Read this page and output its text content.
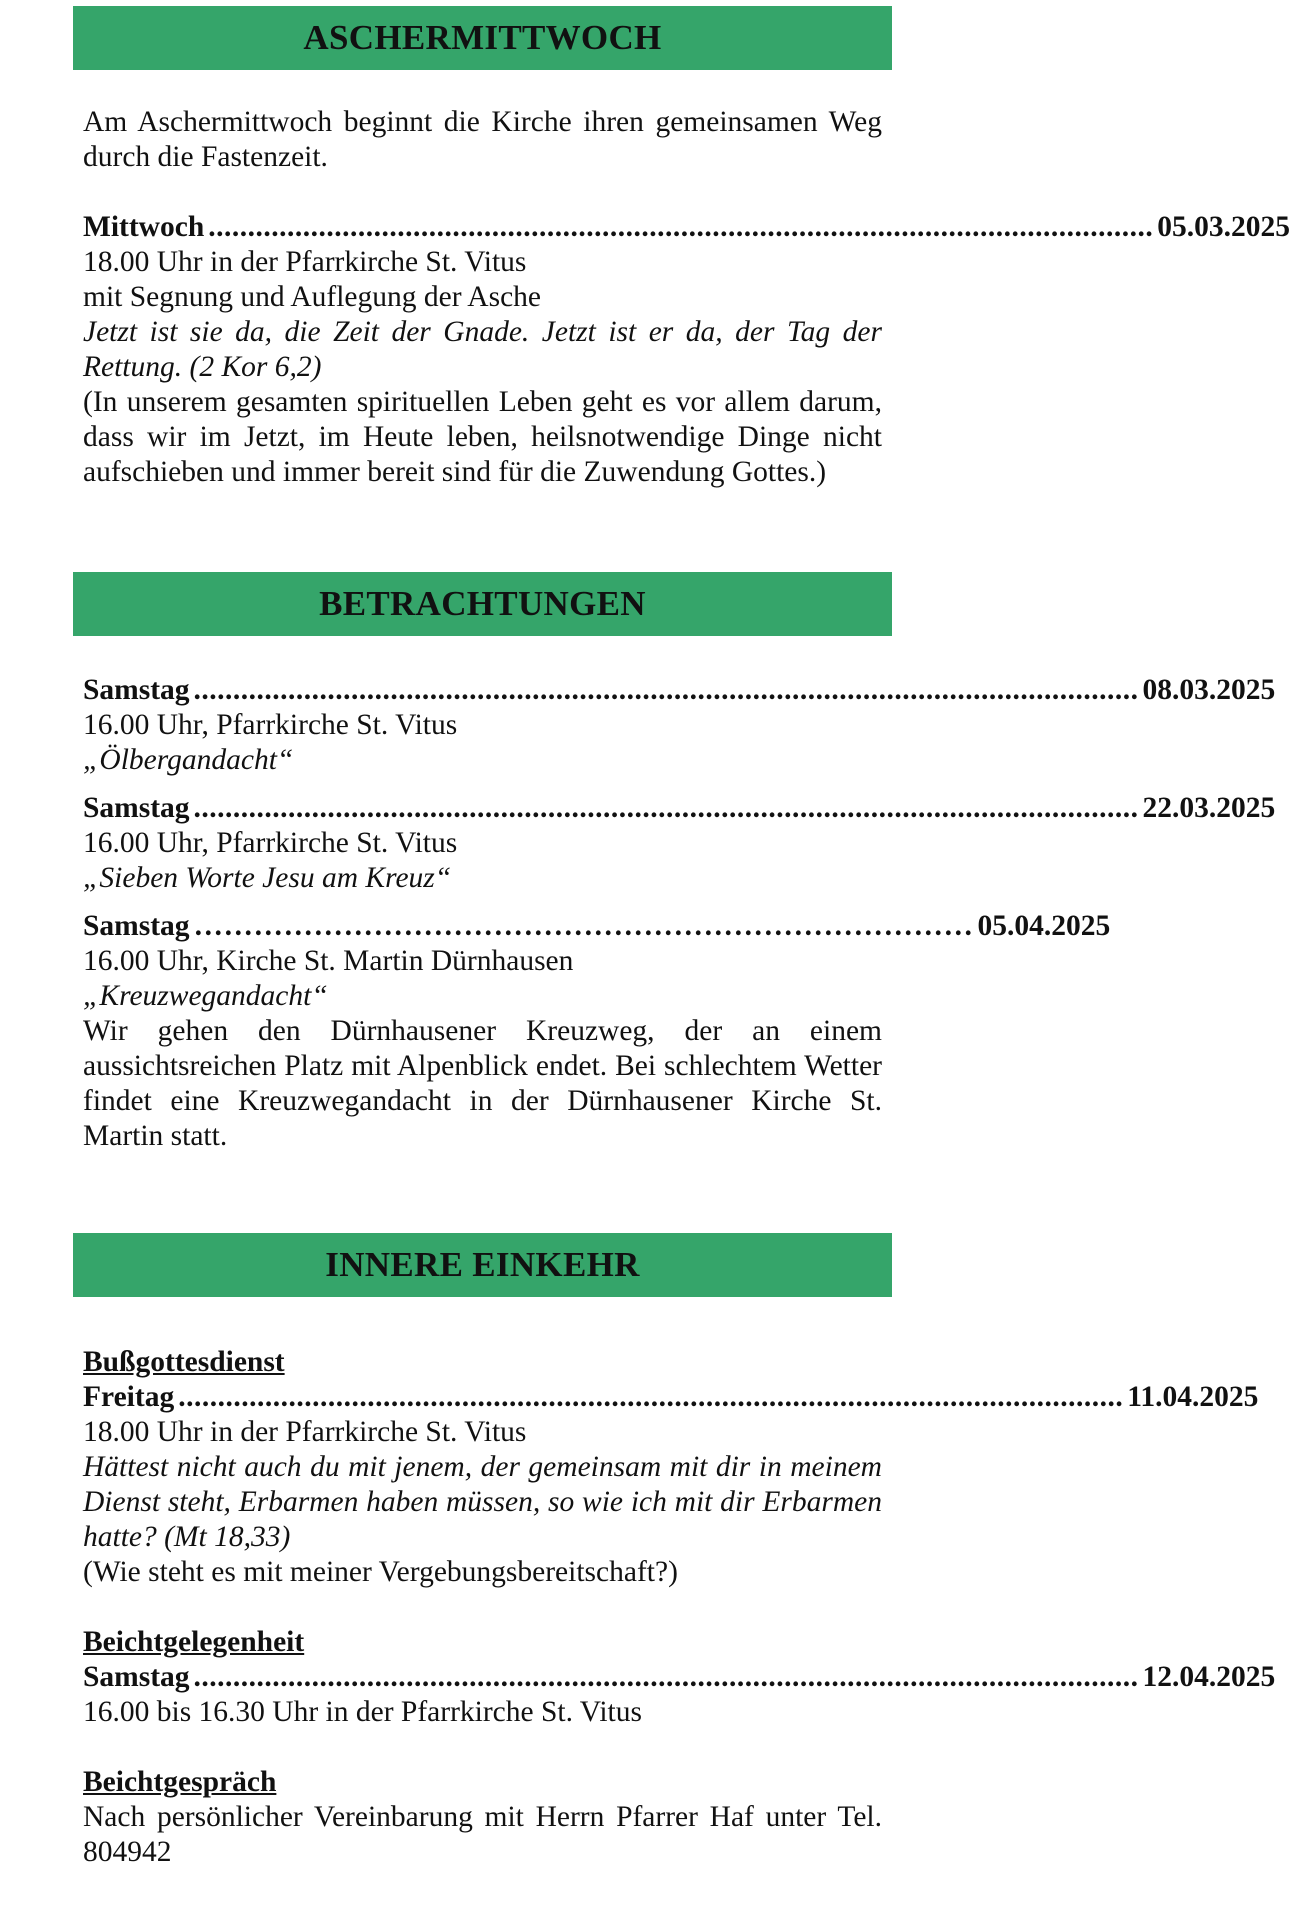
ASCHERMITTWOCH

Am Aschermittwoch beginnt die Kirche ihren gemeinsamen Weg durch die Fastenzeit.

Mittwoch ........................................................................................................................ 05.03.2025

18.00 Uhr in der Pfarrkirche St. Vitus

mit Segnung und Auflegung der Asche

Jetzt ist sie da, die Zeit der Gnade. Jetzt ist er da, der Tag der Rettung. (2 Kor 6,2)

(In unserem gesamten spirituellen Leben geht es vor allem darum, dass wir im Jetzt, im Heute leben, heilsnotwendige Dinge nicht aufschieben und immer bereit sind für die Zuwendung Gottes.)

BETRACHTUNGEN
Samstag ........................................................................................................................ 08.03.2025

16.00 Uhr, Pfarrkirche St. Vitus

„Ölbergandacht“

Samstag ........................................................................................................................ 22.03.2025

16.00 Uhr, Pfarrkirche St. Vitus

„Sieben Worte Jesu am Kreuz“

Samstag …………………………………………………………………… 05.04.2025

16.00 Uhr, Kirche St. Martin Dürnhausen

„Kreuzwegandacht“

Wir gehen den Dürnhausener Kreuzweg, der an einem aussichtsreichen Platz mit Alpenblick endet. Bei schlechtem Wetter findet eine Kreuzwegandacht in der Dürnhausener Kirche St. Martin statt.

INNERE EINKEHR
Bußgottesdienst
Freitag ........................................................................................................................ 11.04.2025

18.00 Uhr in der Pfarrkirche St. Vitus

Hättest nicht auch du mit jenem, der gemeinsam mit dir in meinem Dienst steht, Erbarmen haben müssen, so wie ich mit dir Erbarmen hatte? (Mt 18,33)

(Wie steht es mit meiner Vergebungsbereitschaft?)

Beichtgelegenheit
Samstag ........................................................................................................................ 12.04.2025

16.00 bis 16.30 Uhr in der Pfarrkirche St. Vitus

Beichtgespräch

Nach persönlicher Vereinbarung mit Herrn Pfarrer Haf unter Tel. 804942
